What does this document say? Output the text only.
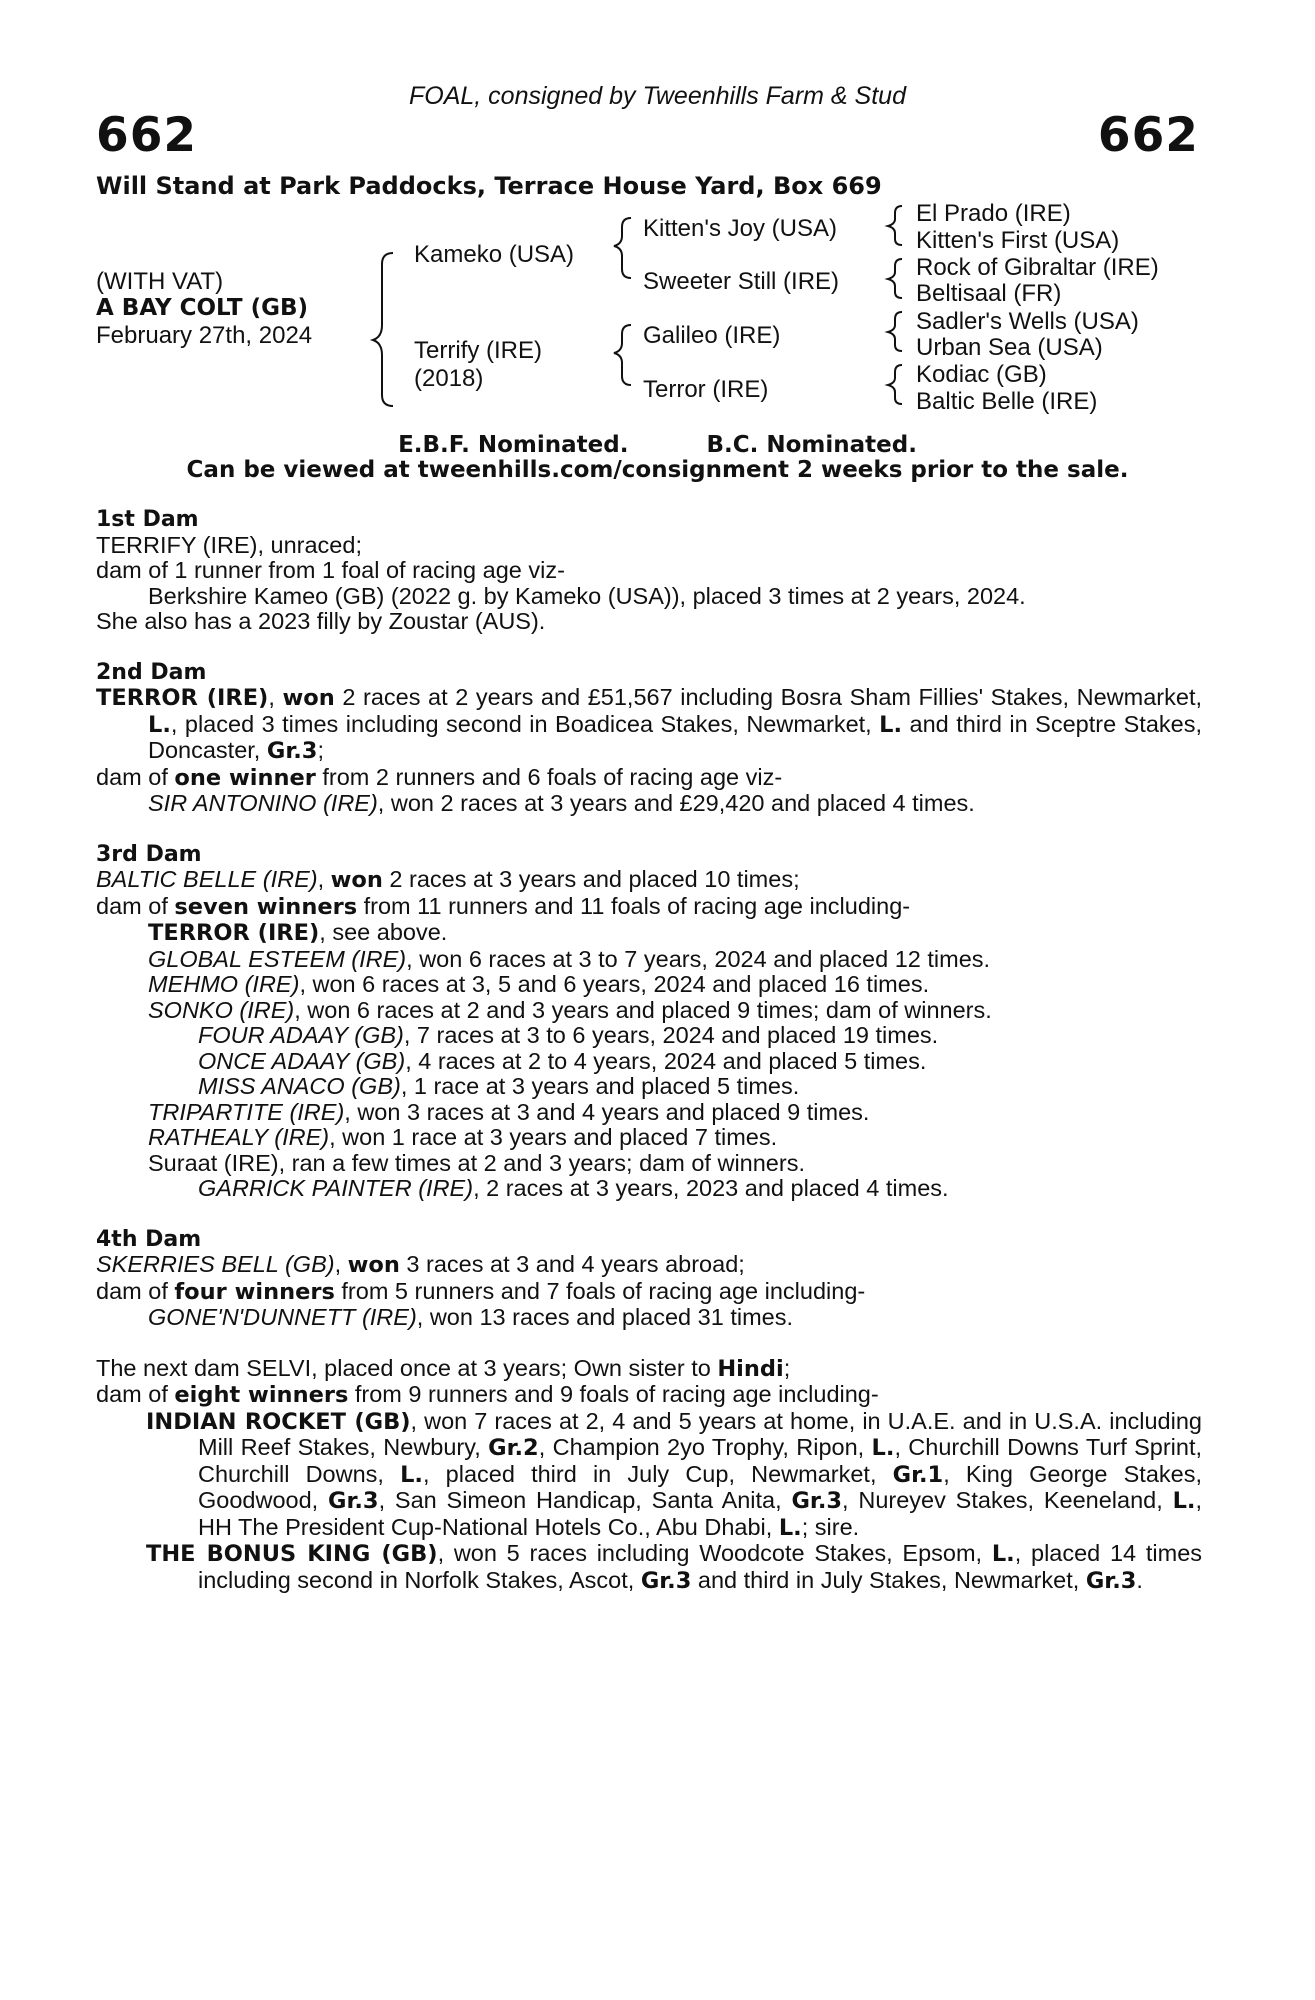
FOAL, consigned by Tweenhills Farm & Stud
662	662
Will Stand at Park Paddocks, Terrace House Yard, Box 669
(WITH VAT)
A BAY COLT (GB)
February 27th, 2024
Kameko (USA)
Terrify (IRE)
(2018)
Kitten's Joy (USA)
Sweeter Still (IRE)
Galileo (IRE)
Terror (IRE)
El Prado (IRE)
Kitten's First (USA)
Rock of Gibraltar (IRE)
Beltisaal (FR)
Sadler's Wells (USA)
Urban Sea (USA)
Kodiac (GB)
Baltic Belle (IRE)
E.B.F. Nominated.	B.C. Nominated.
Can be viewed at tweenhills.com/consignment 2 weeks prior to the sale.

1st Dam

TERRIFY (IRE), unraced;

dam of 1 runner from 1 foal of racing age viz-

Berkshire Kameo (GB) (2022 g. by Kameko (USA)), placed 3 times at 2 years, 2024.

She also has a 2023 filly by Zoustar (AUS).

2nd Dam

TERROR (IRE), won 2 races at 2 years and £51,567 including Bosra Sham Fillies' Stakes, Newmarket, L., placed 3 times including second in Boadicea Stakes, Newmarket, L. and third in Sceptre Stakes, Doncaster, Gr.3;

dam of one winner from 2 runners and 6 foals of racing age viz-

SIR ANTONINO (IRE), won 2 races at 3 years and £29,420 and placed 4 times.

3rd Dam

BALTIC BELLE (IRE), won 2 races at 3 years and placed 10 times;

dam of seven winners from 11 runners and 11 foals of racing age including-

TERROR (IRE), see above.

GLOBAL ESTEEM (IRE), won 6 races at 3 to 7 years, 2024 and placed 12 times.

MEHMO (IRE), won 6 races at 3, 5 and 6 years, 2024 and placed 16 times.

SONKO (IRE), won 6 races at 2 and 3 years and placed 9 times; dam of winners.

FOUR ADAAY (GB), 7 races at 3 to 6 years, 2024 and placed 19 times.

ONCE ADAAY (GB), 4 races at 2 to 4 years, 2024 and placed 5 times.

MISS ANACO (GB), 1 race at 3 years and placed 5 times.

TRIPARTITE (IRE), won 3 races at 3 and 4 years and placed 9 times.

RATHEALY (IRE), won 1 race at 3 years and placed 7 times.

Suraat (IRE), ran a few times at 2 and 3 years; dam of winners.

GARRICK PAINTER (IRE), 2 races at 3 years, 2023 and placed 4 times.

4th Dam

SKERRIES BELL (GB), won 3 races at 3 and 4 years abroad;

dam of four winners from 5 runners and 7 foals of racing age including-

GONE'N'DUNNETT (IRE), won 13 races and placed 31 times.

The next dam SELVI, placed once at 3 years; Own sister to Hindi;

dam of eight winners from 9 runners and 9 foals of racing age including-

INDIAN ROCKET (GB), won 7 races at 2, 4 and 5 years at home, in U.A.E. and in U.S.A. including Mill Reef Stakes, Newbury, Gr.2, Champion 2yo Trophy, Ripon, L., Churchill Downs Turf Sprint, Churchill Downs, L., placed third in July Cup, Newmarket, Gr.1, King George Stakes, Goodwood, Gr.3, San Simeon Handicap, Santa Anita, Gr.3, Nureyev Stakes, Keeneland, L., HH The President Cup-National Hotels Co., Abu Dhabi, L.; sire.

THE BONUS KING (GB), won 5 races including Woodcote Stakes, Epsom, L., placed 14 times including second in Norfolk Stakes, Ascot, Gr.3 and third in July Stakes, Newmarket, Gr.3.
